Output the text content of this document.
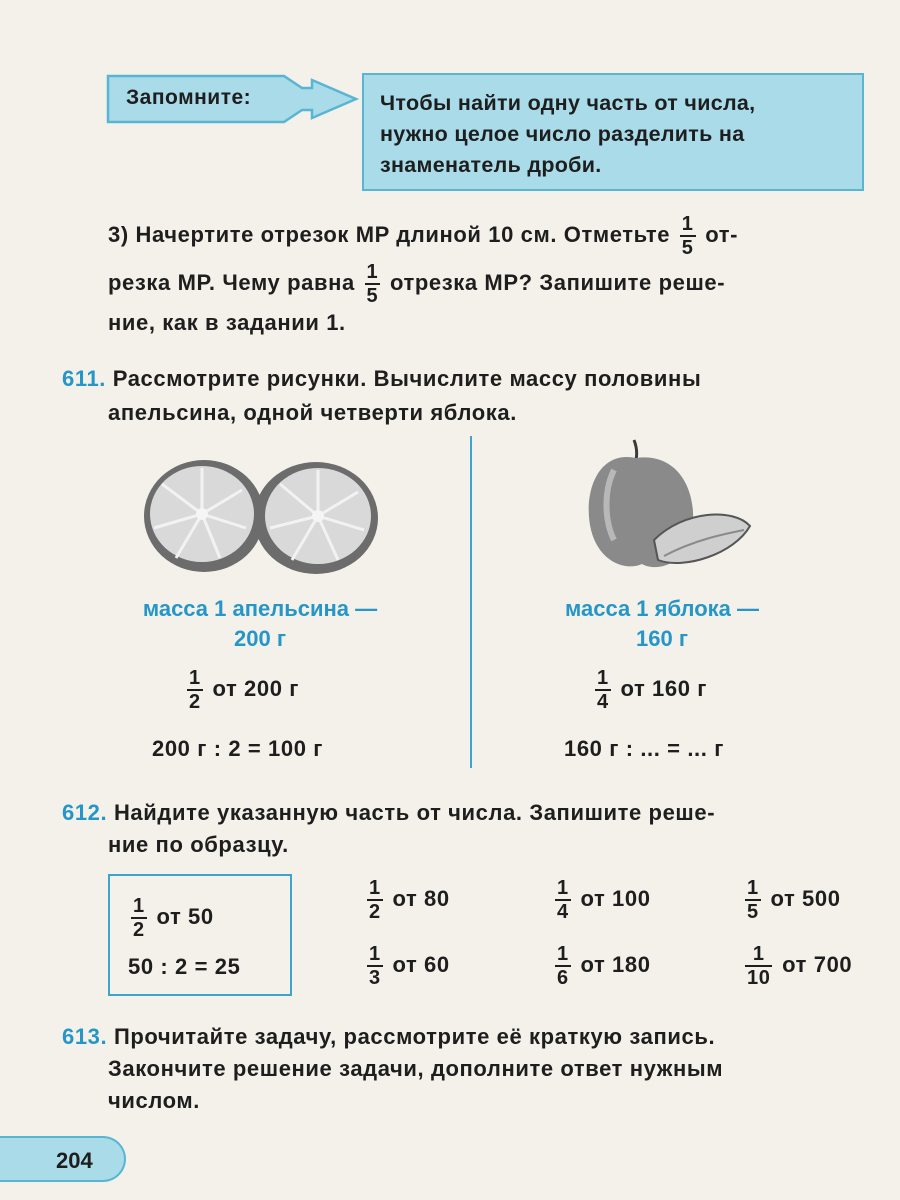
Запомните:	Чтобы найти одну часть от числа,
нужно целое число разделить на
знаменатель дроби.
3) Начертите отрезок MP длиной 10 см. Отметьте $\frac{1}{5} от-$
резка MP. Чему равна $\frac{1}{5}$ отрезка MP? Запишите реше-
ние, как в задании 1.
611. Рассмотрите рисунки. Вычислите массу половины
апельсина, одной четверти яблока.
масса 1 апельсина —
200 г
$\frac{1}{2}$ от 200 г
200 г : 2 = 100 г
масса 1 яблока —
160 г
$\frac{1}{4}$ от 160 г
160 г : ... = ... г
612. Найдите указанную часть от числа. Запишите реше-
ние по образцу.
$\frac{1}{2}$ от 50
50 : 2 = 25
$\frac{1}{2}$ от 80	$\frac{1}{4}$ от 100	$\frac{1}{5}$ от 500
$\frac{1}{3}$ от 60	$\frac{1}{6}$ от 180	$\frac{1}{10}$ от 700
613. Прочитайте задачу, рассмотрите её краткую запись.
Закончите решение задачи, дополните ответ нужным
числом.
204
